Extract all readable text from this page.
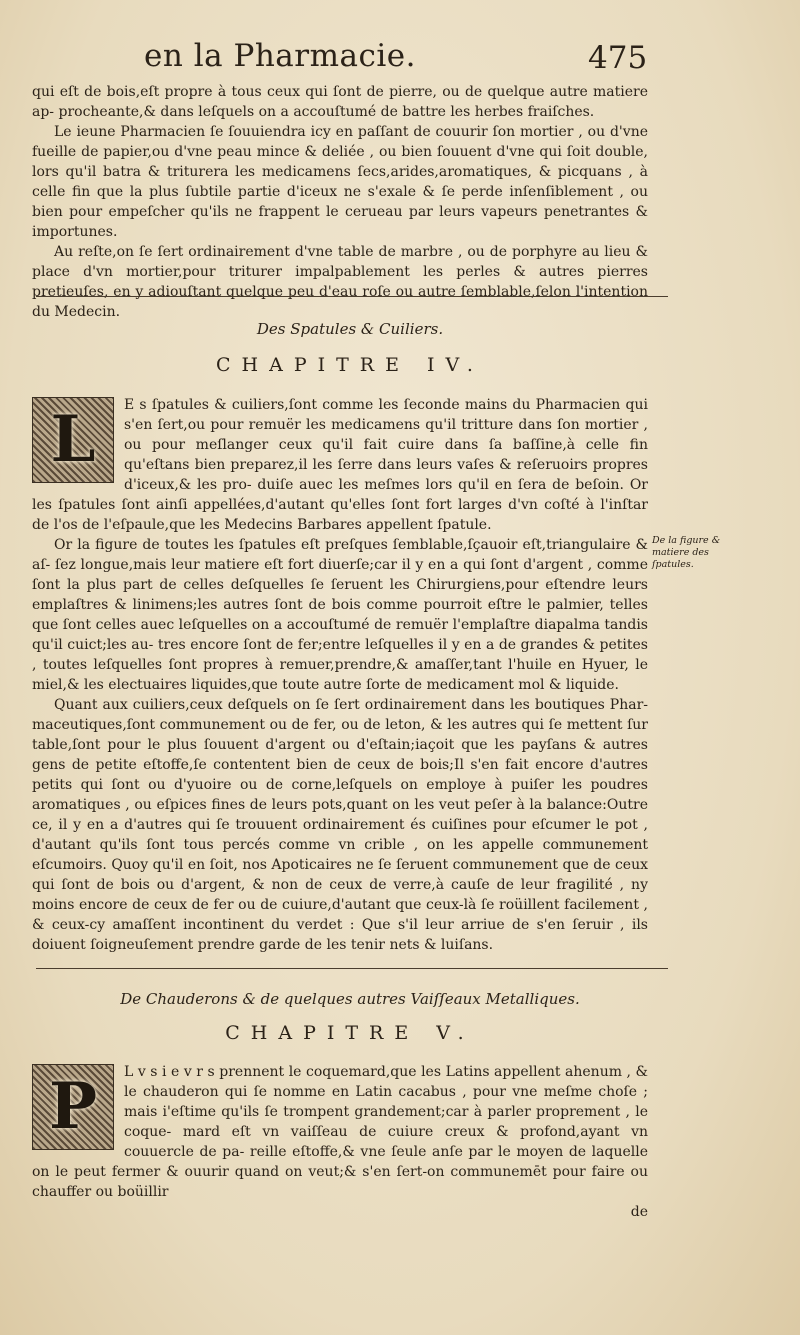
en la Pharmacie.	475

qui eſt de bois,eſt propre à tous ceux qui ſont de pierre, ou de quelque autre matiere ap- procheante,& dans leſquels on a accouſtumé de battre les herbes fraiſches.

Le ieune Pharmacien ſe ſouuiendra icy en paſſant de couurir ſon mortier , ou d'vne fueille de papier,ou d'vne peau mince & deliée , ou bien ſouuent d'vne qui ſoit double, lors qu'il batra & triturera les medicamens ſecs,arides,aromatiques, & picquans , à celle fin que la plus ſubtile partie d'iceux ne s'exale & ſe perde inſenſiblement , ou bien pour empeſcher qu'ils ne frappent le cerueau par leurs vapeurs penetrantes & importunes.

Au reſte,on ſe ſert ordinairement d'vne table de marbre , ou de porphyre au lieu & place d'vn mortier,pour triturer impalpablement les perles & autres pierres pretieuſes, en y adiouſtant quelque peu d'eau roſe ou autre ſemblable,ſelon l'intention du Medecin.

Des Spatules & Cuiliers.
CHAPITRE IV.
L	E s ſpatules & cuiliers,ſont comme les ſeconde mains du Pharmacien qui s'en ſert,ou pour remuër les medicamens qu'il tritture dans ſon mortier , ou pour meſlanger ceux qu'il fait cuire dans ſa baſſine,à celle fin qu'eſtans bien preparez,il les ſerre dans leurs vaſes & reſeruoirs propres d'iceux,& les pro- duiſe auec les meſmes lors qu'il en ſera de beſoin. Or les ſpatules ſont ainſi appellées,d'autant qu'elles ſont fort larges d'vn coſté à l'inſtar de l'os de l'eſpaule,que les Medecins Barbares appellent ſpatule.

Or la figure de toutes les ſpatules eſt preſques ſemblable,ſçauoir eſt,triangulaire & aſ- ſez longue,mais leur matiere eſt fort diuerſe;car il y en a qui ſont d'argent , comme ſont la plus part de celles deſquelles ſe ſeruent les Chirurgiens,pour eſtendre leurs emplaſtres & linimens;les autres ſont de bois comme pourroit eſtre le palmier, telles que ſont celles auec leſquelles on a accouſtumé de remuër l'emplaſtre diapalma tandis qu'il cuict;les au- tres encore ſont de fer;entre leſquelles il y en a de grandes & petites , toutes leſquelles ſont propres à remuer,prendre,& amaſſer,tant l'huile en Hyuer, le miel,& les electuaires liquides,que toute autre ſorte de medicament mol & liquide.

Quant aux cuiliers,ceux deſquels on ſe ſert ordinairement dans les boutiques Phar- maceutiques,ſont communement ou de fer, ou de leton, & les autres qui ſe mettent ſur table,ſont pour le plus ſouuent d'argent ou d'eſtain;iaçoit que les payſans & autres gens de petite eſtoffe,ſe contentent bien de ceux de bois;Il s'en fait encore d'autres petits qui ſont ou d'yuoire ou de corne,leſquels on employe à puiſer les poudres aromatiques , ou eſpices fines de leurs pots,quant on les veut peſer à la balance:Outre ce, il y en a d'autres qui ſe trouuent ordinairement és cuiſines pour eſcumer le pot , d'autant qu'ils ſont tous percés comme vn crible , on les appelle communement eſcumoirs. Quoy qu'il en ſoit, nos Apoticaires ne ſe ſeruent communement que de ceux qui ſont de bois ou d'argent, & non de ceux de verre,à cauſe de leur fragilité , ny moins encore de ceux de fer ou de cuiure,d'autant que ceux-là ſe roüillent facilement , & ceux-cy amaſſent incontinent du verdet : Que s'il leur arriue de s'en ſeruir , ils doiuent ſoigneuſement prendre garde de les tenir nets & luiſans.

De la figure & matiere des ſpatules.
De Chauderons & de quelques autres Vaiſſeaux Metalliques.
CHAPITRE V.
P	L v s i e v r s prennent le coquemard,que les Latins appellent ahenum , & le chauderon qui ſe nomme en Latin cacabus , pour vne meſme choſe ; mais i'eſtime qu'ils ſe trompent grandement;car à parler proprement , le coque- mard eſt vn vaiſſeau de cuiure creux & profond,ayant vn couuercle de pa- reille eſtoffe,& vne ſeule anſe par le moyen de laquelle on le peut fermer & ouurir quand on veut;& s'en ſert-on communemēt pour faire ou chauffer ou boüillir

de
